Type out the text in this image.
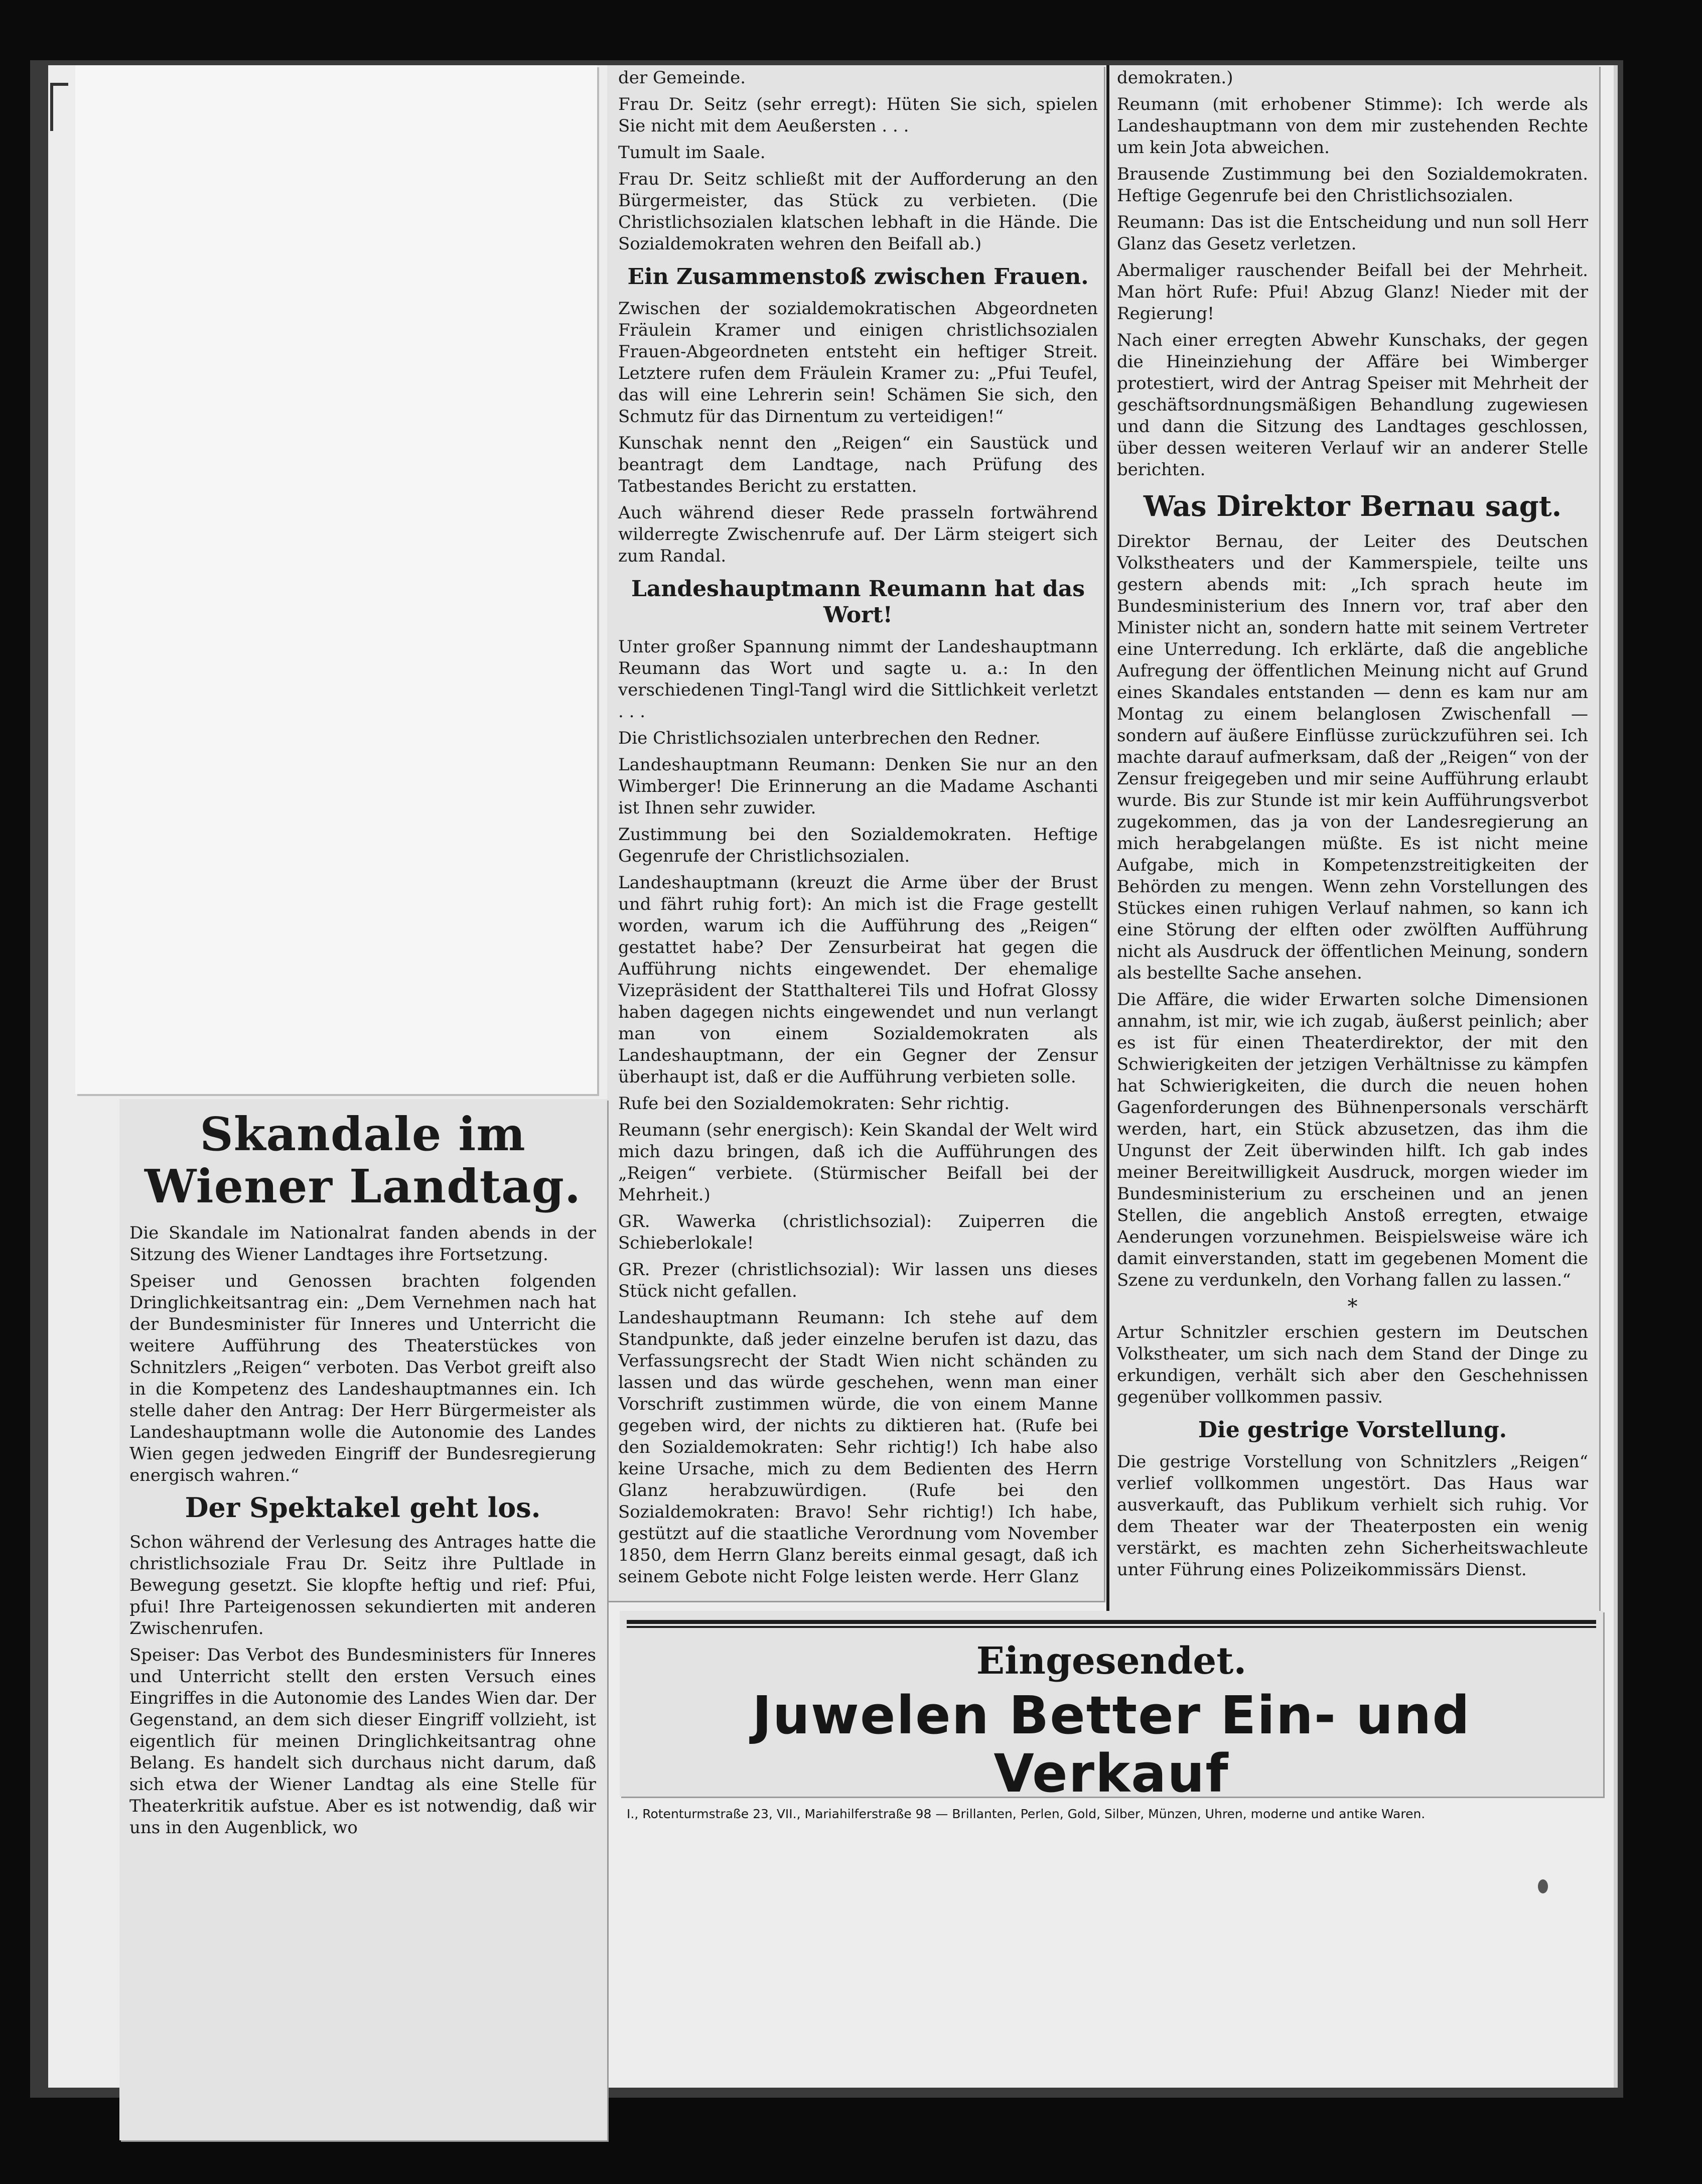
der Gemeinde.

Frau Dr. Seitz (sehr erregt): Hüten Sie sich, spielen Sie nicht mit dem Aeußersten . . .

Tumult im Saale.

Frau Dr. Seitz schließt mit der Aufforderung an den Bürgermeister, das Stück zu verbieten. (Die Christlichsozialen klatschen lebhaft in die Hände. Die Sozialdemokraten wehren den Beifall ab.)

Ein Zusammenstoß zwischen Frauen.

Zwischen der sozialdemokratischen Abgeordneten Fräulein Kramer und einigen christlichsozialen Frauen-Abgeordneten entsteht ein heftiger Streit. Letztere rufen dem Fräulein Kramer zu: „Pfui Teufel, das will eine Lehrerin sein! Schämen Sie sich, den Schmutz für das Dirnentum zu verteidigen!“

Kunschak nennt den „Reigen“ ein Saustück und beantragt dem Landtage, nach Prüfung des Tatbestandes Bericht zu erstatten.

Auch während dieser Rede prasseln fortwährend wilderregte Zwischenrufe auf. Der Lärm steigert sich zum Randal.

Landeshauptmann Reumann hat das Wort!

Unter großer Spannung nimmt der Landeshauptmann Reumann das Wort und sagte u. a.: In den verschiedenen Tingl-Tangl wird die Sittlichkeit verletzt . . .

Die Christlichsozialen unterbrechen den Redner.

Landeshauptmann Reumann: Denken Sie nur an den Wimberger! Die Erinnerung an die Madame Aschanti ist Ihnen sehr zuwider.

Zustimmung bei den Sozialdemokraten. Heftige Gegenrufe der Christlichsozialen.

Landeshauptmann (kreuzt die Arme über der Brust und fährt ruhig fort): An mich ist die Frage gestellt worden, warum ich die Aufführung des „Reigen“ gestattet habe? Der Zensurbeirat hat gegen die Aufführung nichts eingewendet. Der ehemalige Vizepräsident der Statthalterei Tils und Hofrat Glossy haben dagegen nichts eingewendet und nun verlangt man von einem Sozialdemokraten als Landeshauptmann, der ein Gegner der Zensur überhaupt ist, daß er die Aufführung verbieten solle.

Rufe bei den Sozialdemokraten: Sehr richtig.

Reumann (sehr energisch): Kein Skandal der Welt wird mich dazu bringen, daß ich die Aufführungen des „Reigen“ verbiete. (Stürmischer Beifall bei der Mehrheit.)

GR. Wawerka (christlichsozial): Zuiperren die Schieberlokale!

GR. Prezer (christlichsozial): Wir lassen uns dieses Stück nicht gefallen.

Landeshauptmann Reumann: Ich stehe auf dem Standpunkte, daß jeder einzelne berufen ist dazu, das Verfassungsrecht der Stadt Wien nicht schänden zu lassen und das würde geschehen, wenn man einer Vorschrift zustimmen würde, die von einem Manne gegeben wird, der nichts zu diktieren hat. (Rufe bei den Sozialdemokraten: Sehr richtig!) Ich habe also keine Ursache, mich zu dem Bedienten des Herrn Glanz herabzuwürdigen. (Rufe bei den Sozialdemokraten: Bravo! Sehr richtig!) Ich habe, gestützt auf die staatliche Verordnung vom November 1850, dem Herrn Glanz bereits einmal gesagt, daß ich seinem Gebote nicht Folge leisten werde. Herr Glanz

demokraten.)

Reumann (mit erhobener Stimme): Ich werde als Landeshauptmann von dem mir zustehenden Rechte um kein Jota abweichen.

Brausende Zustimmung bei den Sozialdemokraten. Heftige Gegenrufe bei den Christlichsozialen.

Reumann: Das ist die Entscheidung und nun soll Herr Glanz das Gesetz verletzen.

Abermaliger rauschender Beifall bei der Mehrheit. Man hört Rufe: Pfui! Abzug Glanz! Nieder mit der Regierung!

Nach einer erregten Abwehr Kunschaks, der gegen die Hineinziehung der Affäre bei Wimberger protestiert, wird der Antrag Speiser mit Mehrheit der geschäftsordnungsmäßigen Behandlung zugewiesen und dann die Sitzung des Landtages geschlossen, über dessen weiteren Verlauf wir an anderer Stelle berichten.

Was Direktor Bernau sagt.

Direktor Bernau, der Leiter des Deutschen Volkstheaters und der Kammerspiele, teilte uns gestern abends mit: „Ich sprach heute im Bundesministerium des Innern vor, traf aber den Minister nicht an, sondern hatte mit seinem Vertreter eine Unterredung. Ich erklärte, daß die angebliche Aufregung der öffentlichen Meinung nicht auf Grund eines Skandales entstanden — denn es kam nur am Montag zu einem belanglosen Zwischenfall — sondern auf äußere Einflüsse zurückzuführen sei. Ich machte darauf aufmerksam, daß der „Reigen“ von der Zensur freigegeben und mir seine Aufführung erlaubt wurde. Bis zur Stunde ist mir kein Aufführungsverbot zugekommen, das ja von der Landesregierung an mich herabgelangen müßte. Es ist nicht meine Aufgabe, mich in Kompetenzstreitigkeiten der Behörden zu mengen. Wenn zehn Vorstellungen des Stückes einen ruhigen Verlauf nahmen, so kann ich eine Störung der elften oder zwölften Aufführung nicht als Ausdruck der öffentlichen Meinung, sondern als bestellte Sache ansehen.

Die Affäre, die wider Erwarten solche Dimensionen annahm, ist mir, wie ich zugab, äußerst peinlich; aber es ist für einen Theaterdirektor, der mit den Schwierigkeiten der jetzigen Verhältnisse zu kämpfen hat Schwierigkeiten, die durch die neuen hohen Gagenforderungen des Bühnenpersonals verschärft werden, hart, ein Stück abzusetzen, das ihm die Ungunst der Zeit überwinden hilft. Ich gab indes meiner Bereitwilligkeit Ausdruck, morgen wieder im Bundesministerium zu erscheinen und an jenen Stellen, die angeblich Anstoß erregten, etwaige Aenderungen vorzunehmen. Beispielsweise wäre ich damit einverstanden, statt im gegebenen Moment die Szene zu verdunkeln, den Vorhang fallen zu lassen.“

*

Artur Schnitzler erschien gestern im Deutschen Volkstheater, um sich nach dem Stand der Dinge zu erkundigen, verhält sich aber den Geschehnissen gegenüber vollkommen passiv.

Die gestrige Vorstellung.

Die gestrige Vorstellung von Schnitzlers „Reigen“ verlief vollkommen ungestört. Das Haus war ausverkauft, das Publikum verhielt sich ruhig. Vor dem Theater war der Theaterposten ein wenig verstärkt, es machten zehn Sicherheitswachleute unter Führung eines Polizeikommissärs Dienst.

Skandale im Wiener Landtag.

Die Skandale im Nationalrat fanden abends in der Sitzung des Wiener Landtages ihre Fortsetzung.

Speiser und Genossen brachten folgenden Dringlichkeitsantrag ein: „Dem Vernehmen nach hat der Bundesminister für Inneres und Unterricht die weitere Aufführung des Theaterstückes von Schnitzlers „Reigen“ verboten. Das Verbot greift also in die Kompetenz des Landeshauptmannes ein. Ich stelle daher den Antrag: Der Herr Bürgermeister als Landeshauptmann wolle die Autonomie des Landes Wien gegen jedweden Eingriff der Bundesregierung energisch wahren.“

Der Spektakel geht los.

Schon während der Verlesung des Antrages hatte die christlichsoziale Frau Dr. Seitz ihre Pultlade in Bewegung gesetzt. Sie klopfte heftig und rief: Pfui, pfui! Ihre Parteigenossen sekundierten mit anderen Zwischenrufen.

Speiser: Das Verbot des Bundesministers für Inneres und Unterricht stellt den ersten Versuch eines Eingriffes in die Autonomie des Landes Wien dar. Der Gegenstand, an dem sich dieser Eingriff vollzieht, ist eigentlich für meinen Dringlichkeitsantrag ohne Belang. Es handelt sich durchaus nicht darum, daß sich etwa der Wiener Landtag als eine Stelle für Theaterkritik aufstue. Aber es ist notwendig, daß wir uns in den Augenblick, wo

Eingesendet.
Juwelen Better Ein- und Verkauf
I., Rotenturmstraße 23, VII., Mariahilferstraße 98 — Brillanten, Perlen, Gold, Silber, Münzen, Uhren, moderne und antike Waren.
